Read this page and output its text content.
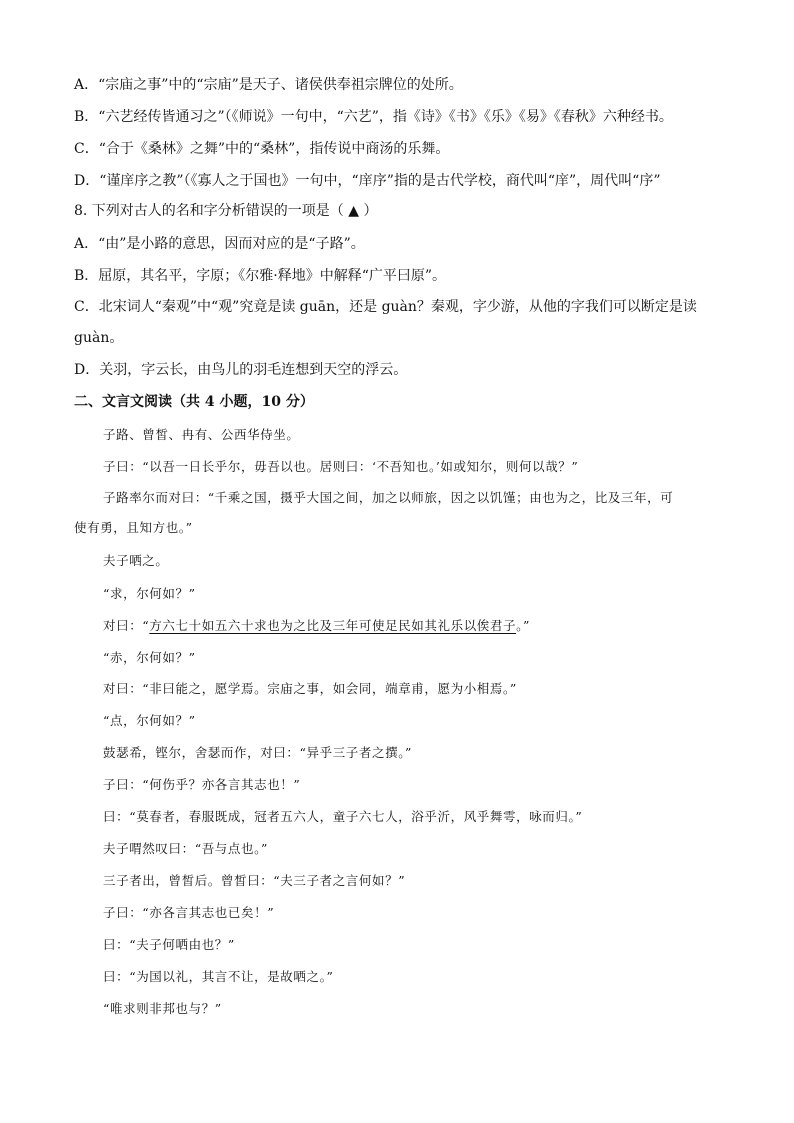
A．“宗庙之事”中的“宗庙”是天子、诸侯供奉祖宗牌位的处所。
B．“六艺经传皆通习之”（《师说》一句中，“六艺”，指《诗》《书》《乐》《易》《春秋》六种经书。
C．“合于《桑林》之舞”中的“桑林”，指传说中商汤的乐舞。
D．“谨庠序之教”（《寡人之于国也》一句中，“庠序”指的是古代学校，商代叫“庠”，周代叫“序”
8. 下列对古人的名和字分析错误的一项是（ ▲ ）
A．“由”是小路的意思，因而对应的是“子路”。
B．屈原，其名平，字原；《尔雅·释地》中解释“广平曰原”。
C．北宋词人“秦观”中“观”究竟是读 guān，还是 guàn？秦观，字少游，从他的字我们可以断定是读
guàn。
D．关羽，字云长，由鸟儿的羽毛连想到天空的浮云。
二、文言文阅读（共 4 小题，10 分）
子路、曾皙、冉有、公西华侍坐。
子曰：“以吾一日长乎尔，毋吾以也。居则曰：‘不吾知也。’如或知尔，则何以哉？”
子路率尔而对曰：“千乘之国，摄乎大国之间，加之以师旅，因之以饥馑；由也为之，比及三年，可
使有勇，且知方也。”
夫子哂之。
“求，尔何如？”
对曰：“方六七十如五六十求也为之比及三年可使足民如其礼乐以俟君子。”
“赤，尔何如？”
对曰：“非曰能之，愿学焉。宗庙之事，如会同，端章甫，愿为小相焉。”
“点，尔何如？”
鼓瑟希，铿尔，舍瑟而作，对曰：“异乎三子者之撰。”
子曰：“何伤乎？亦各言其志也！”
曰：“莫春者，春服既成，冠者五六人，童子六七人，浴乎沂，风乎舞雩，咏而归。”
夫子喟然叹曰：“吾与点也。”
三子者出，曾皙后。曾皙曰：“夫三子者之言何如？”
子曰：“亦各言其志也已矣！”
曰：“夫子何哂由也？”
曰：“为国以礼，其言不让，是故哂之。”
“唯求则非邦也与？”
